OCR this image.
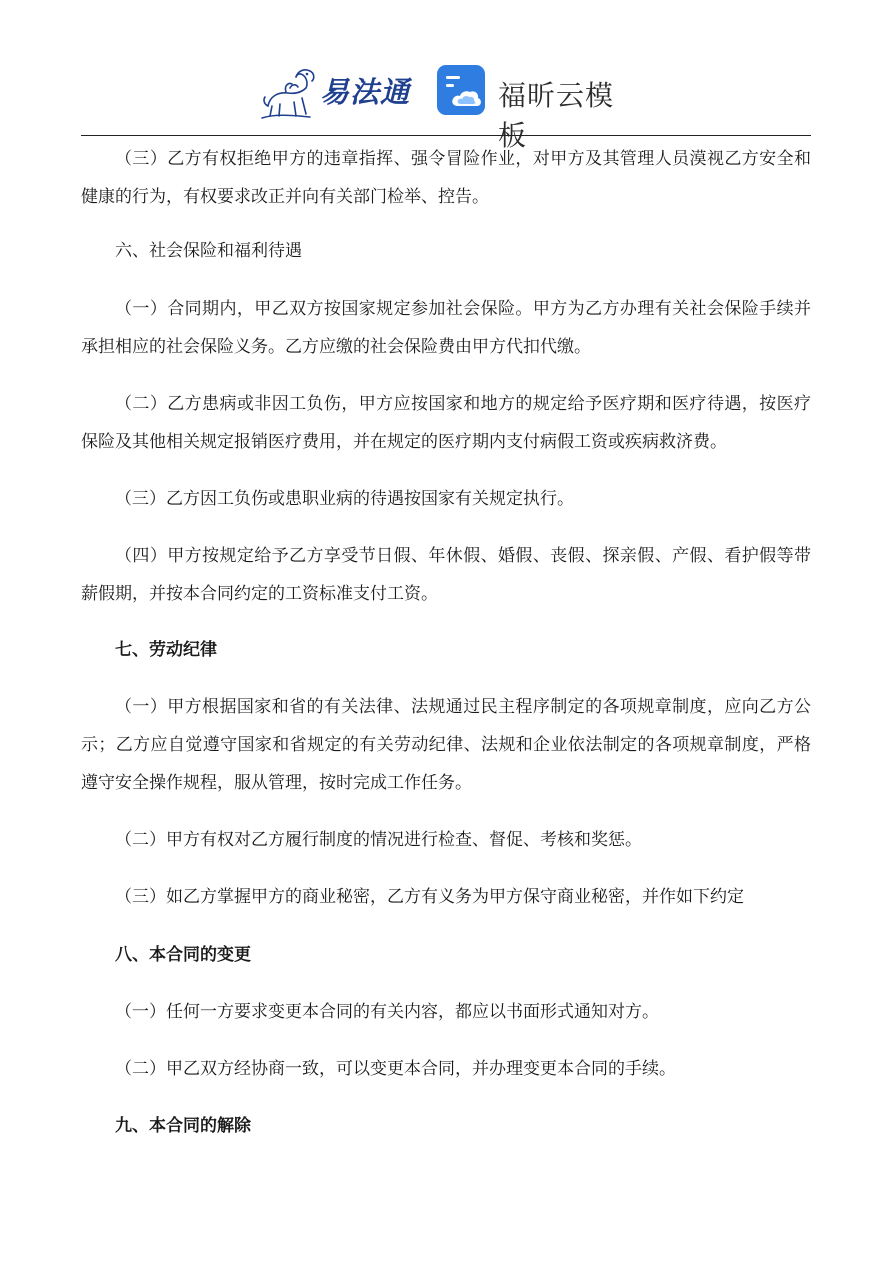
易法通	福昕云模板

（三）乙方有权拒绝甲方的违章指挥、强令冒险作业，对甲方及其管理人员漠视乙方安全和健康的行为，有权要求改正并向有关部门检举、控告。

六、社会保险和福利待遇

（一）合同期内，甲乙双方按国家规定参加社会保险。甲方为乙方办理有关社会保险手续并承担相应的社会保险义务。乙方应缴的社会保险费由甲方代扣代缴。

（二）乙方患病或非因工负伤，甲方应按国家和地方的规定给予医疗期和医疗待遇，按医疗保险及其他相关规定报销医疗费用，并在规定的医疗期内支付病假工资或疾病救济费。

（三）乙方因工负伤或患职业病的待遇按国家有关规定执行。

（四）甲方按规定给予乙方享受节日假、年休假、婚假、丧假、探亲假、产假、看护假等带薪假期，并按本合同约定的工资标准支付工资。

七、劳动纪律

（一）甲方根据国家和省的有关法律、法规通过民主程序制定的各项规章制度，应向乙方公示；乙方应自觉遵守国家和省规定的有关劳动纪律、法规和企业依法制定的各项规章制度，严格遵守安全操作规程，服从管理，按时完成工作任务。

（二）甲方有权对乙方履行制度的情况进行检查、督促、考核和奖惩。

（三）如乙方掌握甲方的商业秘密，乙方有义务为甲方保守商业秘密，并作如下约定

八、本合同的变更

（一）任何一方要求变更本合同的有关内容，都应以书面形式通知对方。

（二）甲乙双方经协商一致，可以变更本合同，并办理变更本合同的手续。

九、本合同的解除
